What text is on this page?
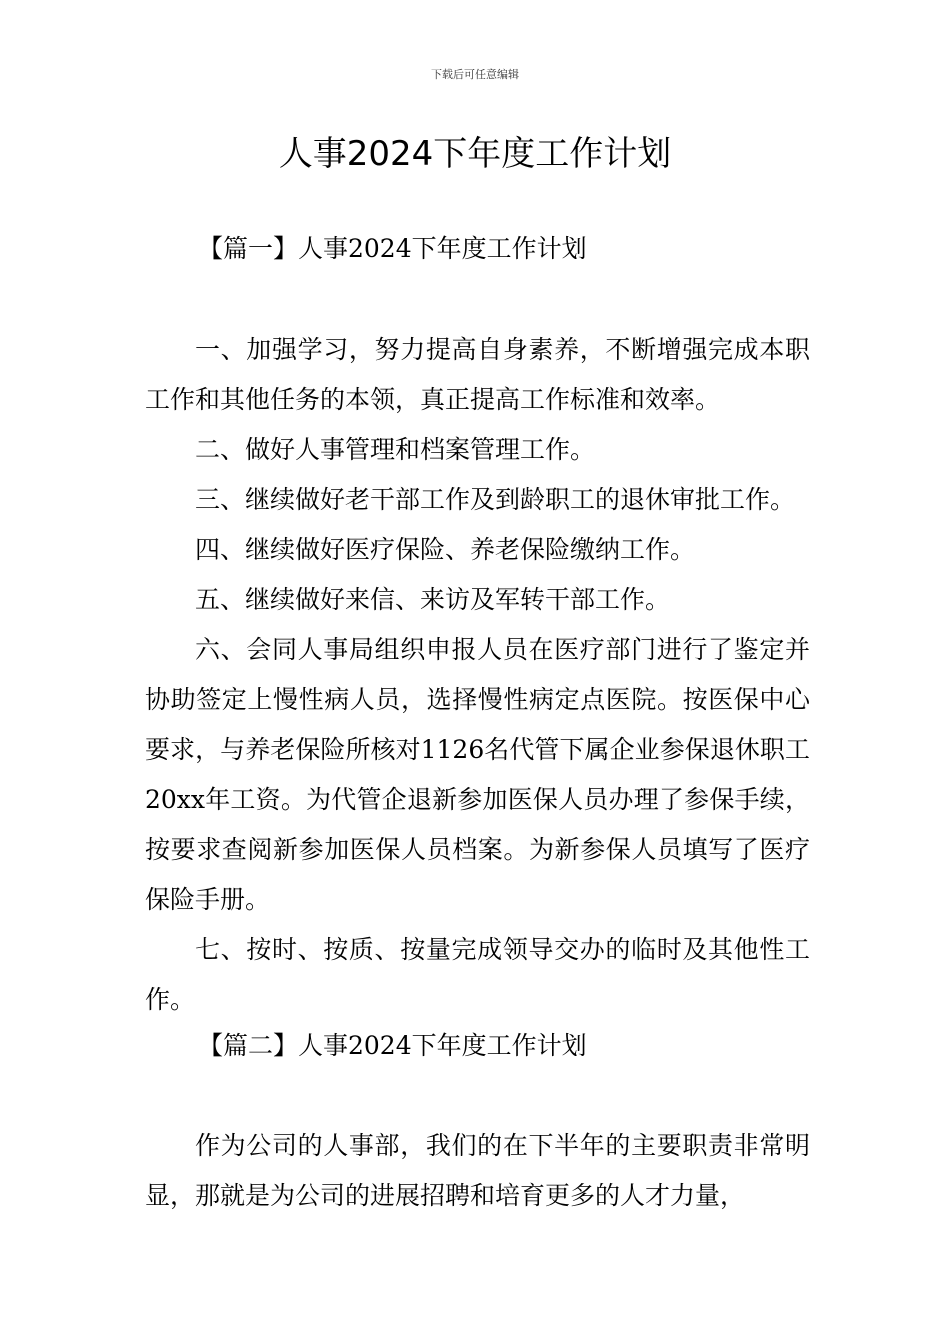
下载后可任意编辑
人事2024下年度工作计划
【篇一】人事2024下年度工作计划

一、加强学习，努力提高自身素养，不断增强完成本职工作和其他任务的本领，真正提高工作标准和效率。

二、做好人事管理和档案管理工作。

三、继续做好老干部工作及到龄职工的退休审批工作。

四、继续做好医疗保险、养老保险缴纳工作。

五、继续做好来信、来访及军转干部工作。

六、会同人事局组织申报人员在医疗部门进行了鉴定并协助签定上慢性病人员，选择慢性病定点医院。按医保中心要求，与养老保险所核对1126名代管下属企业参保退休职工20xx年工资。为代管企退新参加医保人员办理了参保手续，按要求查阅新参加医保人员档案。为新参保人员填写了医疗保险手册。

七、按时、按质、按量完成领导交办的临时及其他性工作。

【篇二】人事2024下年度工作计划

作为公司的人事部，我们的在下半年的主要职责非常明显，那就是为公司的进展招聘和培育更多的人才力量，
